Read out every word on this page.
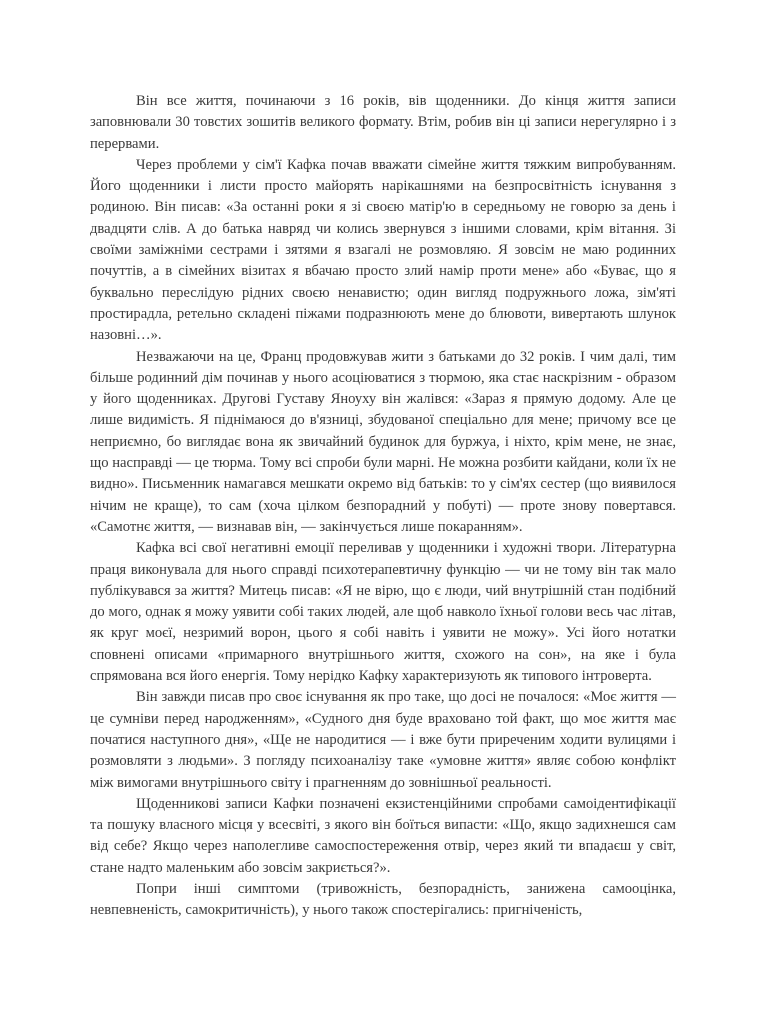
Він все життя, починаючи з 16 років, вів щоденники. До кінця життя записи заповнювали 30 товстих зошитів великого формату. Втім, робив він ці записи нерегулярно і з перервами.

Через проблеми у сім'ї Кафка почав вважати сімейне життя тяжким випробуванням. Його щоденники і листи просто майорять нарікашнями на безпросвітність існування з родиною. Він писав: «За останні роки я зі своєю матір'ю в середньому не говорю за день і двадцяти слів. А до батька навряд чи колись звернувся з іншими словами, крім вітання. Зі своїми заміжніми сестрами і зятями я взагалі не розмовляю. Я зовсім не маю родинних почуттів, а в сімейних візитах я вбачаю просто злий намір проти мене» або «Буває, що я буквально переслідую рідних своєю ненавистю; один вигляд подружнього ложа, зім'яті простирадла, ретельно складені піжами подразнюють мене до блювоти, вивертають шлунок назовні…».

Незважаючи на це, Франц продовжував жити з батьками до 32 років. І чим далі, тим більше родинний дім починав у нього асоціюватися з тюрмою, яка стає наскрізним - образом у його щоденниках. Другові Густаву Яноуху він жалівся: «Зараз я прямую додому. Але це лише видимість. Я піднімаюся до в'язниці, збудованої спеціально для мене; причому все це неприємно, бо виглядає вона як звичайний будинок для буржуа, і ніхто, крім мене, не знає, що насправді — це тюрма. Тому всі спроби були марні. Не можна розбити кайдани, коли їх не видно». Письменник намагався мешкати окремо від батьків: то у сім'ях сестер (що виявилося нічим не краще), то сам (хоча цілком безпорадний у побуті) — проте знову повертався. «Самотнє життя, — визнавав він, — закінчується лише покаранням».

Кафка всі свої негативні емоції переливав у щоденники і художні твори. Літературна праця виконувала для нього справді психотерапевтичну функцію — чи не тому він так мало публікувався за життя? Митець писав: «Я не вірю, що є люди, чий внутрішній стан подібний до мого, однак я можу уявити собі таких людей, але щоб навколо їхньої голови весь час літав, як круг моєї, незримий ворон, цього я собі навіть і уявити не можу». Усі його нотатки сповнені описами «примарного внутрішнього життя, схожого на сон», на яке і була спрямована вся його енергія. Тому нерідко Кафку характеризують як типового інтроверта.

Він завжди писав про своє існування як про таке, що досі не почалося: «Моє життя — це сумніви перед народженням», «Судного дня буде враховано той факт, що моє життя має початися наступного дня», «Ще не народитися — і вже бути приреченим ходити вулицями і розмовляти з людьми». З погляду психоаналізу таке «умовне життя» являє собою конфлікт між вимогами внутрішнього світу і прагненням до зовнішньої реальності.

Щоденникові записи Кафки позначені екзистенційними спробами самоідентифікації та пошуку власного місця у всесвіті, з якого він боїться випасти: «Що, якщо задихнешся сам від себе? Якщо через наполегливе самоспостереження отвір, через який ти впадаєш у світ, стане надто маленьким або зовсім закриється?».

Попри інші симптоми (тривожність, безпорадність, занижена самооцінка, невпевненість, самокритичність), у нього також спостерігались: пригніченість,
